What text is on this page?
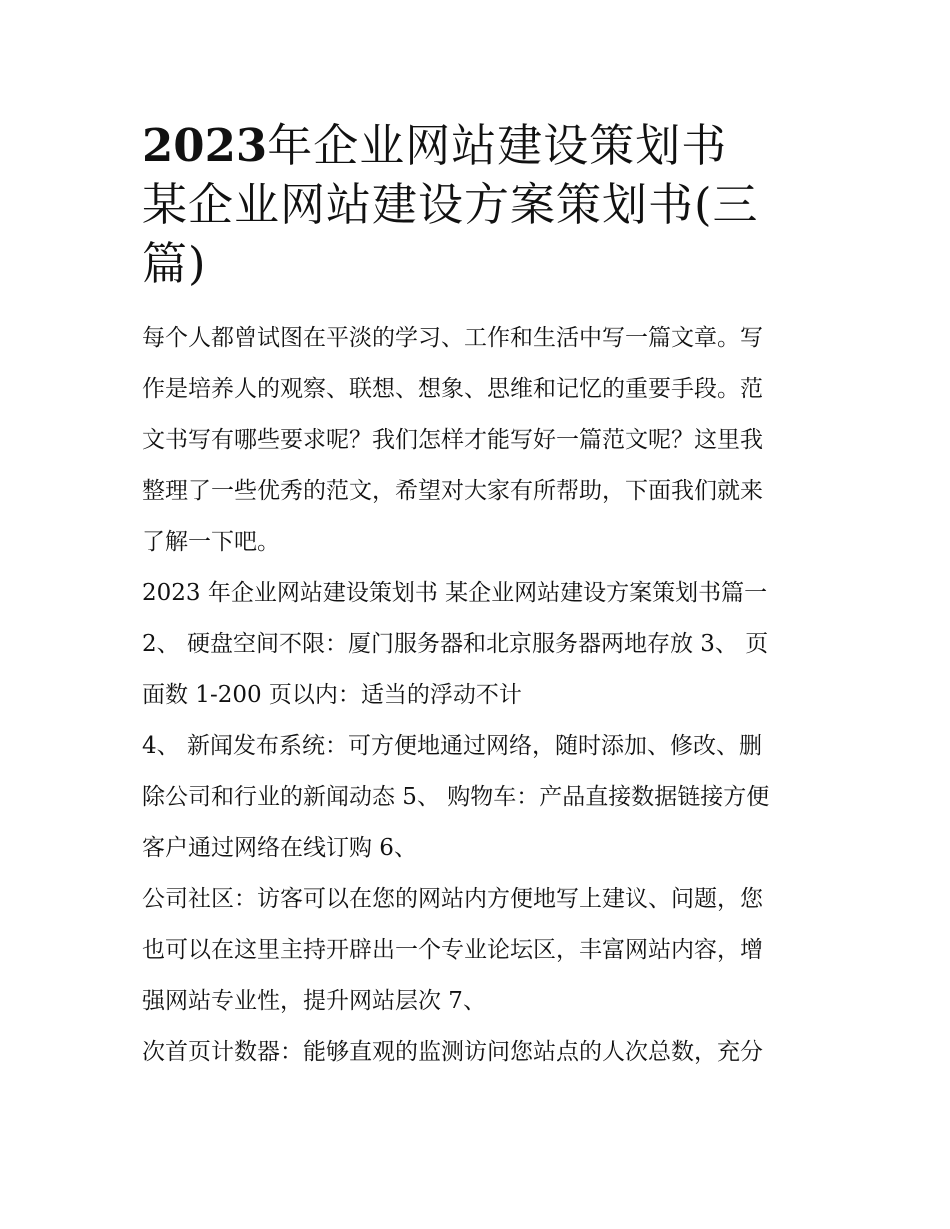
2023年企业网站建设策划书
某企业网站建设方案策划书(三
篇)

每个人都曾试图在平淡的学习、工作和生活中写一篇文章。写
作是培养人的观察、联想、想象、思维和记忆的重要手段。范
文书写有哪些要求呢？我们怎样才能写好一篇范文呢？这里我
整理了一些优秀的范文，希望对大家有所帮助，下面我们就来
了解一下吧。

2023 年企业网站建设策划书 某企业网站建设方案策划书篇一

2、 硬盘空间不限：厦门服务器和北京服务器两地存放 3、 页
面数 1-200 页以内：适当的浮动不计

4、 新闻发布系统：可方便地通过网络，随时添加、修改、删
除公司和行业的新闻动态 5、 购物车：产品直接数据链接方便
客户通过网络在线订购 6、

公司社区：访客可以在您的网站内方便地写上建议、问题，您
也可以在这里主持开辟出一个专业论坛区，丰富网站内容，增
强网站专业性，提升网站层次 7、

次首页计数器：能够直观的监测访问您站点的人次总数，充分
